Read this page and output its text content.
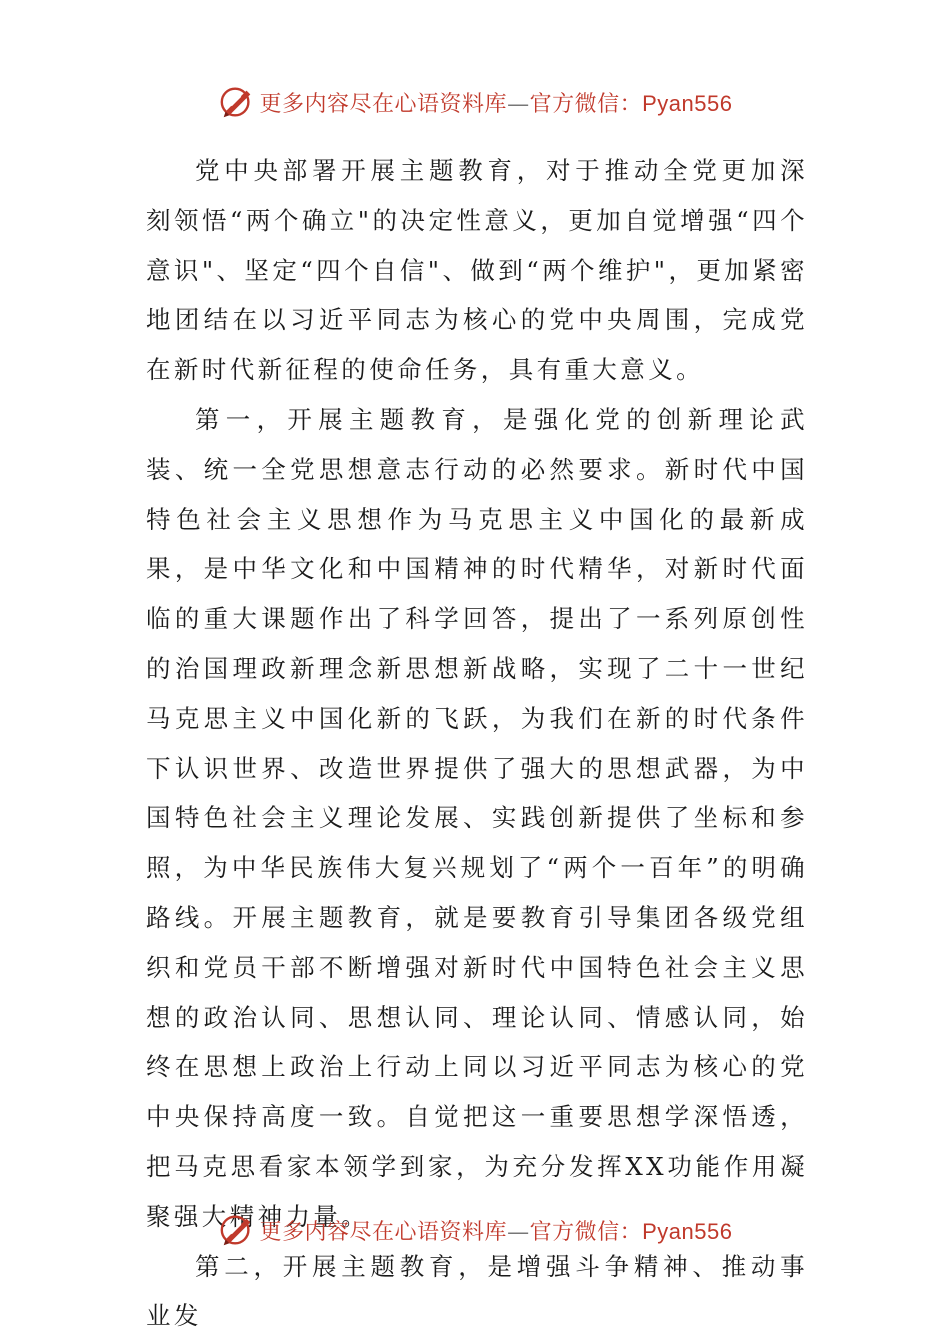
更多内容尽在心语资料库—官方微信：Pyan556

党中央部署开展主题教育，对于推动全党更加深刻领悟“两个确立"的决定性意义，更加自觉增强“四个意识"、坚定“四个自信"、做到“两个维护"，更加紧密地团结在以习近平同志为核心的党中央周围，完成党在新时代新征程的使命任务，具有重大意义。

第一，开展主题教育，是强化党的创新理论武装、统一全党思想意志行动的必然要求。新时代中国特色社会主义思想作为马克思主义中国化的最新成果，是中华文化和中国精神的时代精华，对新时代面临的重大课题作出了科学回答，提出了一系列原创性的治国理政新理念新思想新战略，实现了二十一世纪马克思主义中国化新的飞跃，为我们在新的时代条件下认识世界、改造世界提供了强大的思想武器，为中国特色社会主义理论发展、实践创新提供了坐标和参照，为中华民族伟大复兴规划了“两个一百年”的明确路线。开展主题教育，就是要教育引导集团各级党组织和党员干部不断增强对新时代中国特色社会主义思想的政治认同、思想认同、理论认同、情感认同，始终在思想上政治上行动上同以习近平同志为核心的党中央保持高度一致。自觉把这一重要思想学深悟透，把马克思看家本领学到家，为充分发挥XX功能作用凝聚强大精神力量。

第二，开展主题教育，是增强斗争精神、推动事业发

更多内容尽在心语资料库—官方微信：Pyan556
